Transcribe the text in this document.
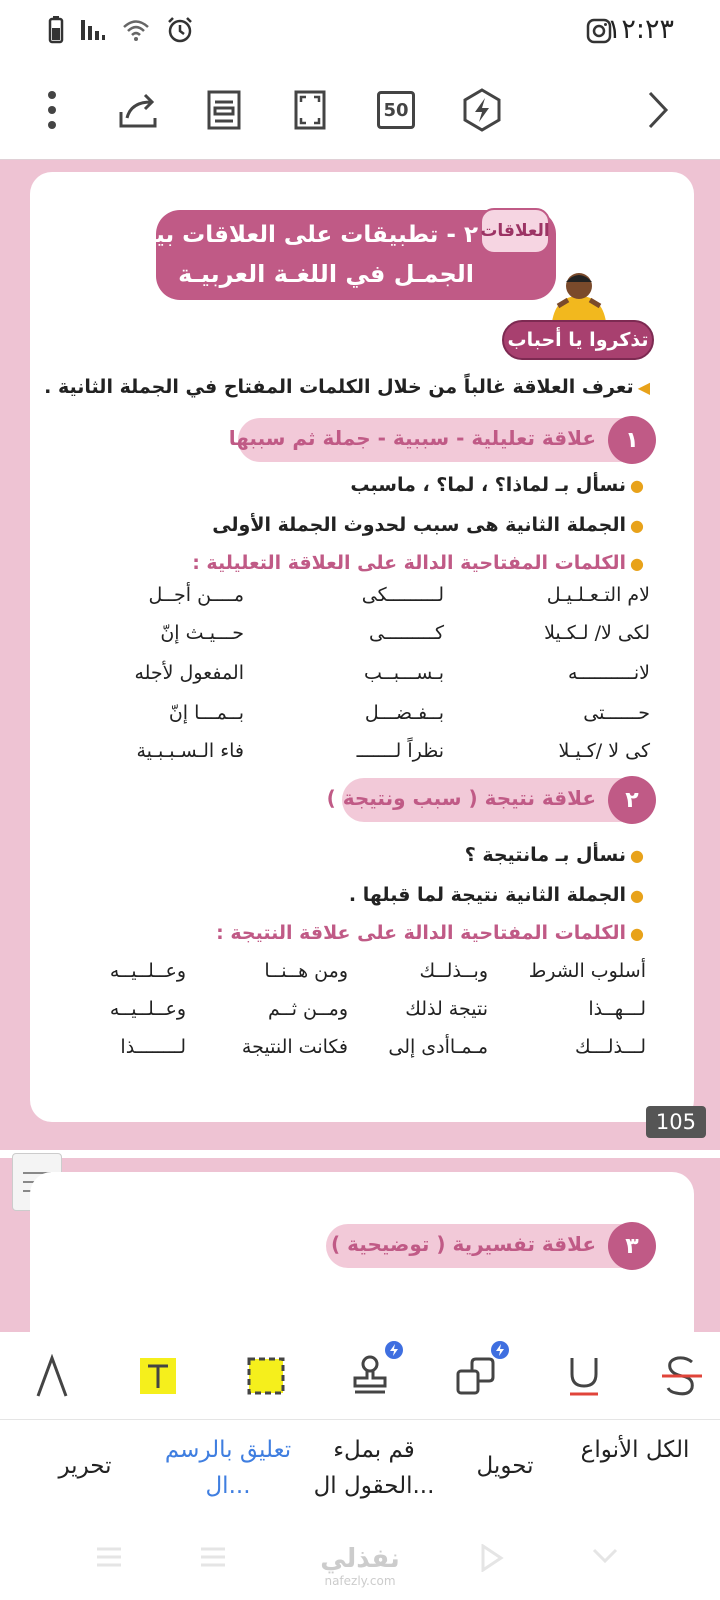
١٢:٢٣
50
٢ - تطبيقات على العلاقات بين
الجمـل في اللغـة العربيـة
العلاقات
تذكروا يا أحباب
◀تعرف العلاقة غالباً من خلال الكلمات المفتاح في الجملة الثانية .
١
علاقة تعليلية - سببية - جملة ثم سببها
●نسأل بـ لماذا؟ ، لما؟ ، ماسبب
●الجملة الثانية هى سبب لحدوث الجملة الأولى
●الكلمات المفتاحية الدالة على العلاقة التعليلية :
لام التـعـلـيـل
لـــــــــكى
مــــن أجــل
لكى لا/ لـكـيلا
كـــــــــى
حـــيـث إنّ
لانــــــــــه
بـســـبــب
المفعول لأجله
حــــــتى
بــفـضـــل
بــمـــا إنّ
كى لا /كـيـلا
نظراً لـــــــ
فاء الـسـبـبـية
٢
علاقة نتيجة ( سبب ونتيجة )
●نسأل بـ مانتيجة ؟
●الجملة الثانية نتيجة لما قبلها .
●الكلمات المفتاحية الدالة على علاقة النتيجة :
أسلوب الشرط
وبــذلــك
ومن هــنــا
وعــلــيــه
لـــهــذا
نتيجة لذلك
ومــن ثــم
وعــلــيــه
لـــذلـــك
مـمـاأدى إلى
فكانت النتيجة
لــــــــذا
105
٣
علاقة تفسيرية ( توضيحية )
تحرير
تعليق بالرسم ال...
قم بملء الحقول ال...
تحويل
الكل الأنواع
نفذلي
nafezly.com
